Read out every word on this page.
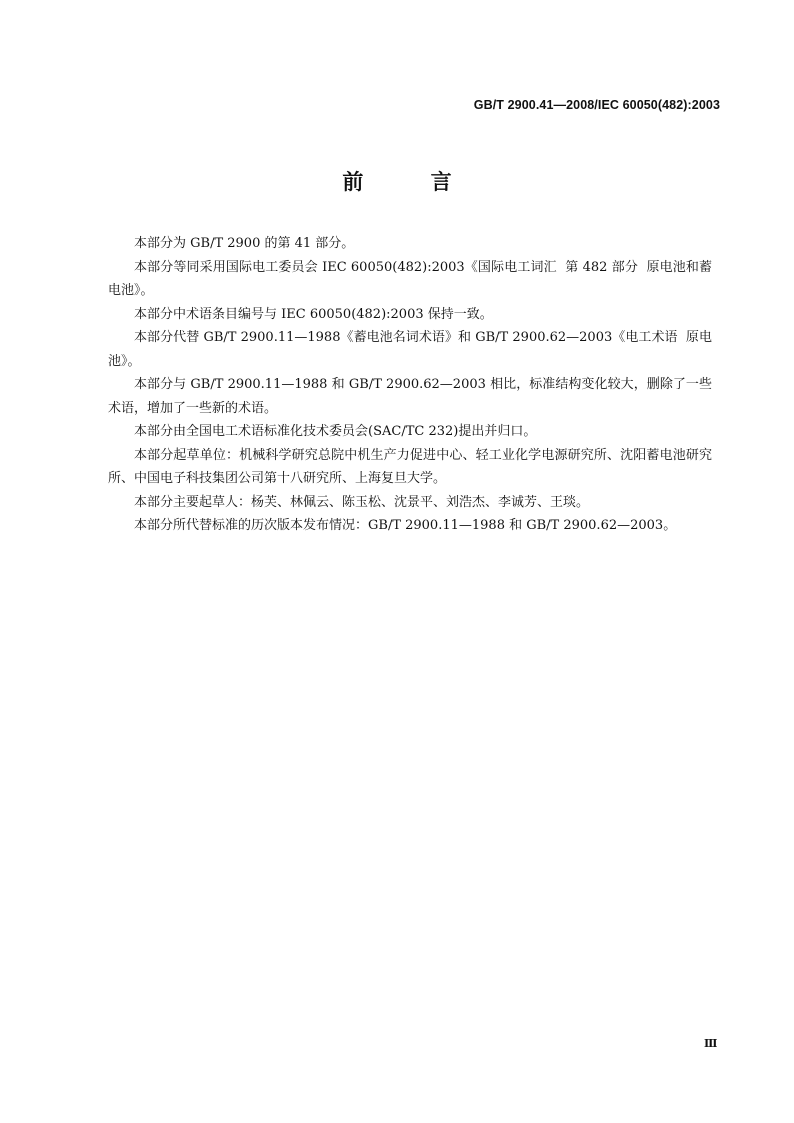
GB/T 2900.41—2008/IEC 60050(482):2003
前 言

本部分为 GB/T 2900 的第 41 部分。

本部分等同采用国际电工委员会 IEC 60050(482):2003《国际电工词汇  第 482 部分  原电池和蓄电池》。

本部分中术语条目编号与 IEC 60050(482):2003 保持一致。

本部分代替 GB/T 2900.11—1988《蓄电池名词术语》和 GB/T 2900.62—2003《电工术语  原电池》。

本部分与 GB/T 2900.11—1988 和 GB/T 2900.62—2003 相比，标准结构变化较大，删除了一些术语，增加了一些新的术语。

本部分由全国电工术语标准化技术委员会(SAC/TC 232)提出并归口。

本部分起草单位：机械科学研究总院中机生产力促进中心、轻工业化学电源研究所、沈阳蓄电池研究所、中国电子科技集团公司第十八研究所、上海复旦大学。

本部分主要起草人：杨芙、林佩云、陈玉松、沈景平、刘浩杰、李诚芳、王琰。

本部分所代替标准的历次版本发布情况：GB/T 2900.11—1988 和 GB/T 2900.62—2003。

Ⅲ
